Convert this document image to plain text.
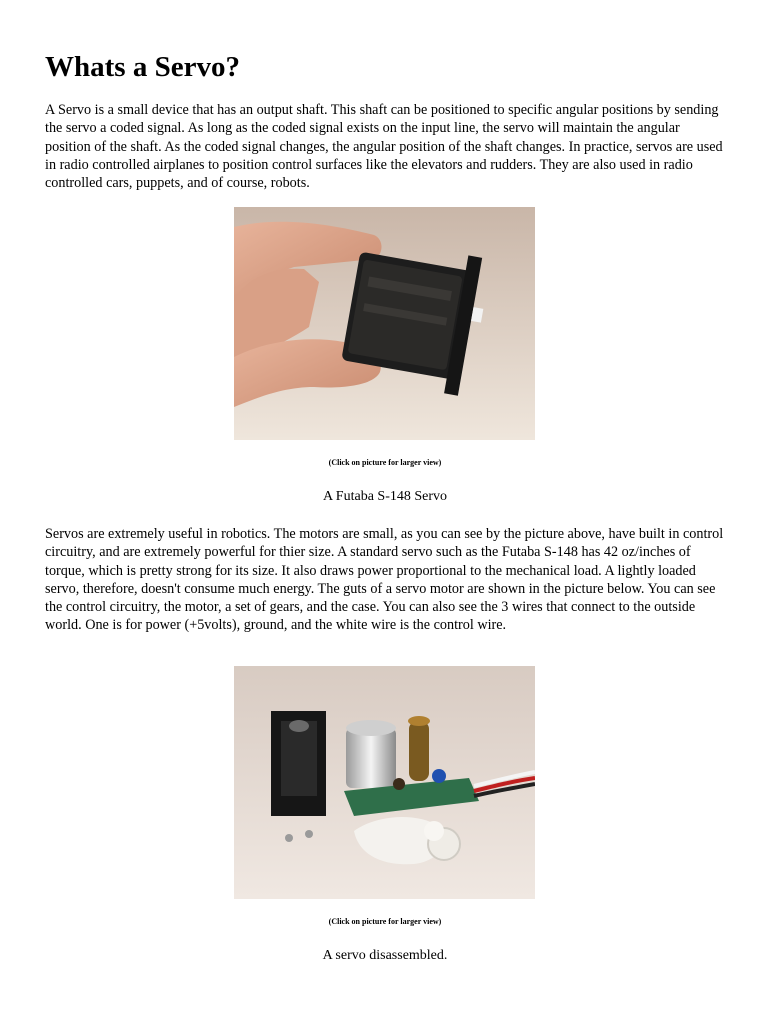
Whats a Servo?

A Servo is a small device that has an output shaft. This shaft can be positioned to specific angular positions by sending the servo a coded signal. As long as the coded signal exists on the input line, the servo will maintain the angular position of the shaft. As the coded signal changes, the angular position of the shaft changes. In practice, servos are used in radio controlled airplanes to position control surfaces like the elevators and rudders. They are also used in radio controlled cars, puppets, and of course, robots.

(Click on picture for larger view)
A Futaba S-148 Servo

Servos are extremely useful in robotics. The motors are small, as you can see by the picture above, have built in control circuitry, and are extremely powerful for thier size. A standard servo such as the Futaba S-148 has 42 oz/inches of torque, which is pretty strong for its size. It also draws power proportional to the mechanical load. A lightly loaded servo, therefore, doesn't consume much energy. The guts of a servo motor are shown in the picture below. You can see the control circuitry, the motor, a set of gears, and the case. You can also see the 3 wires that connect to the outside world. One is for power (+5volts), ground, and the white wire is the control wire.

(Click on picture for larger view)
A servo disassembled.
